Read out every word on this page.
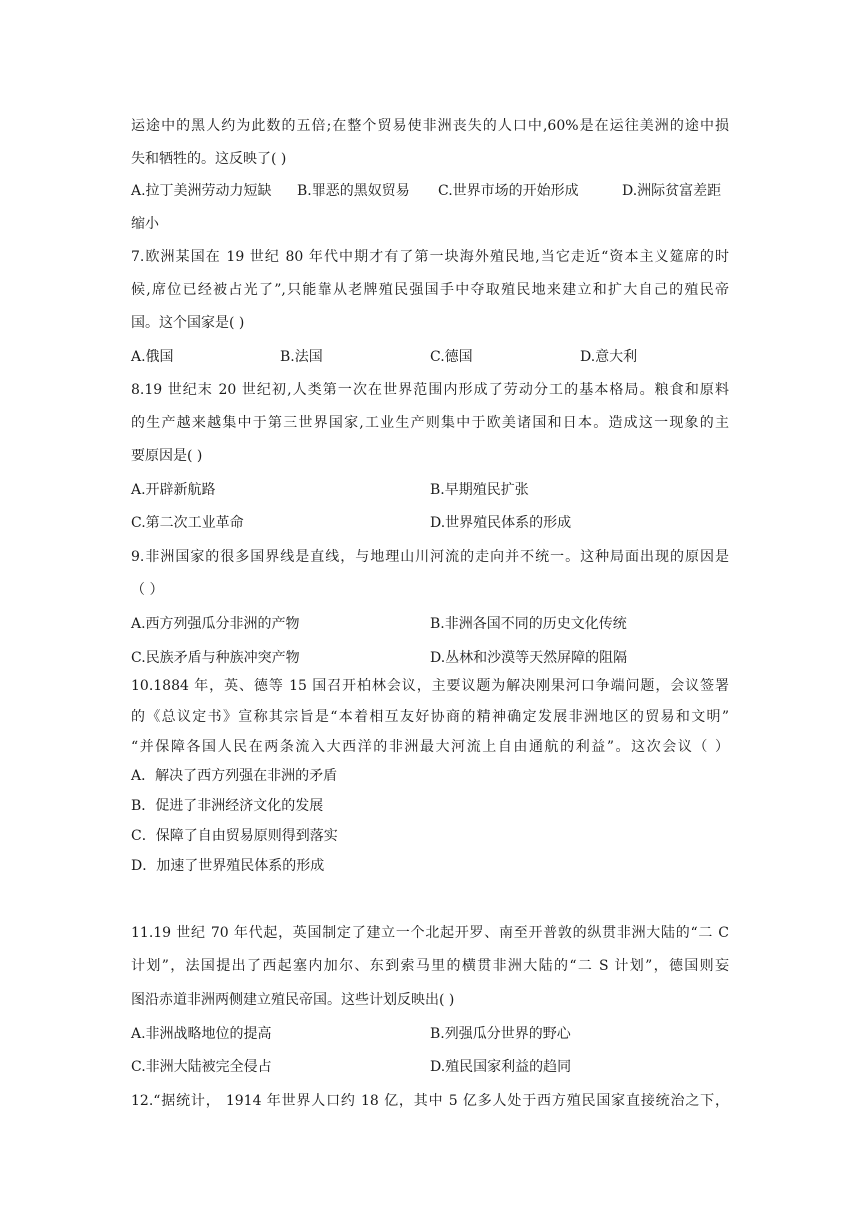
运途中的黑人约为此数的五倍;在整个贸易使非洲丧失的人口中,60%是在运往美洲的途中损
失和牺牲的。这反映了( )
A.拉丁美洲劳动力短缺 B.罪恶的黑奴贸易 C.世界市场的开始形成	D.洲际贫富差距
缩小
7.欧洲某国在 19 世纪 80 年代中期才有了第一块海外殖民地,当它走近“资本主义筵席的时
候,席位已经被占光了”,只能靠从老牌殖民强国手中夺取殖民地来建立和扩大自己的殖民帝
国。这个国家是( )
A.俄国	B.法国	C.德国	D.意大利
8.19 世纪末 20 世纪初,人类第一次在世界范围内形成了劳动分工的基本格局。粮食和原料
的生产越来越集中于第三世界国家,工业生产则集中于欧美诸国和日本。造成这一现象的主
要原因是( )
A.开辟新航路	B.早期殖民扩张
C.第二次工业革命	D.世界殖民体系的形成
9.非洲国家的很多国界线是直线，与地理山川河流的走向并不统一。这种局面出现的原因是
（ ）
A.西方列强瓜分非洲的产物	B.非洲各国不同的历史文化传统
C.民族矛盾与种族冲突产物	D.丛林和沙漠等天然屏障的阻隔
10.1884 年，英、德等 15 国召开柏林会议，主要议题为解决刚果河口争端问题，会议签署
的《总议定书》宣称其宗旨是“本着相互友好协商的精神确定发展非洲地区的贸易和文明”
“并保障各国人民在两条流入大西洋的非洲最大河流上自由通航的利益”。这次会议（ ）
A．解决了西方列强在非洲的矛盾
B．促进了非洲经济文化的发展
C．保障了自由贸易原则得到落实
D．加速了世界殖民体系的形成
11.19 世纪 70 年代起，英国制定了建立一个北起开罗、南至开普敦的纵贯非洲大陆的“二 C
计划”，法国提出了西起塞内加尔、东到索马里的横贯非洲大陆的“二 S 计划”，德国则妄
图沿赤道非洲两侧建立殖民帝国。这些计划反映出( )
A.非洲战略地位的提高	B.列强瓜分世界的野心
C.非洲大陆被完全侵占	D.殖民国家利益的趋同
12.“据统计， 1914 年世界人口约 18 亿，其中 5 亿多人处于西方殖民国家直接统治之下，
